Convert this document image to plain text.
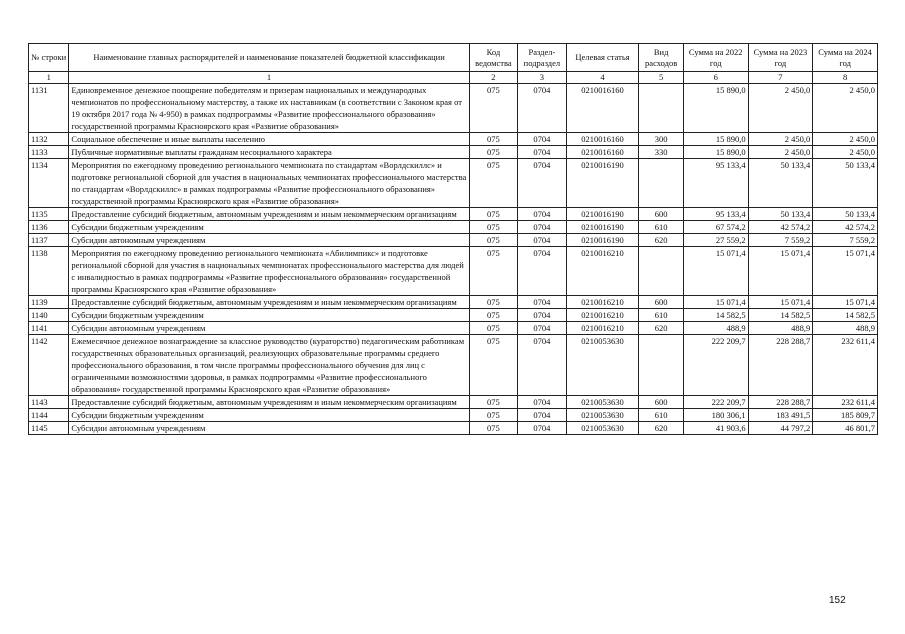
№ строки	Наименование главных распорядителей и наименование показателей бюджетной классификации	Код ведомства	Раздел-подраздел	Целевая статья	Вид расходов	Сумма на 2022 год	Сумма на 2023 год	Сумма на 2024 год
1	1	2	3	4	5	6	7	8
1131	Единовременное денежное поощрение победителям и призерам национальных и международных чемпионатов по профессиональному мастерству, а также их наставникам (в соответствии с Законом края от 19 октября 2017 года № 4-950) в рамках подпрограммы «Развитие профессионального образования» государственной программы Красноярского края «Развитие образования»	075	0704	0210016160		15 890,0	2 450,0	2 450,0
1132	Социальное обеспечение и иные выплаты населению	075	0704	0210016160	300	15 890,0	2 450,0	2 450,0
1133	Публичные нормативные выплаты гражданам несоциального характера	075	0704	0210016160	330	15 890,0	2 450,0	2 450,0
1134	Мероприятия по ежегодному проведению регионального чемпионата по стандартам «Ворлдскиллс» и подготовке региональной сборной для участия в национальных чемпионатах профессионального мастерства по стандартам «Ворлдскиллс» в рамках подпрограммы «Развитие профессионального образования» государственной программы Красноярского края «Развитие образования»	075	0704	0210016190		95 133,4	50 133,4	50 133,4
1135	Предоставление субсидий бюджетным, автономным учреждениям и иным некоммерческим организациям	075	0704	0210016190	600	95 133,4	50 133,4	50 133,4
1136	Субсидии бюджетным учреждениям	075	0704	0210016190	610	67 574,2	42 574,2	42 574,2
1137	Субсидии автономным учреждениям	075	0704	0210016190	620	27 559,2	7 559,2	7 559,2
1138	Мероприятия по ежегодному проведению регионального чемпионата «Абилимпикс» и подготовке региональной сборной для участия в национальных чемпионатах профессионального мастерства для людей с инвалидностью в рамках подпрограммы «Развитие профессионального образования» государственной программы Красноярского края «Развитие образования»	075	0704	0210016210		15 071,4	15 071,4	15 071,4
1139	Предоставление субсидий бюджетным, автономным учреждениям и иным некоммерческим организациям	075	0704	0210016210	600	15 071,4	15 071,4	15 071,4
1140	Субсидии бюджетным учреждениям	075	0704	0210016210	610	14 582,5	14 582,5	14 582,5
1141	Субсидии автономным учреждениям	075	0704	0210016210	620	488,9	488,9	488,9
1142	Ежемесячное денежное вознаграждение за классное руководство (кураторство) педагогическим работникам государственных образовательных организаций, реализующих образовательные программы среднего профессионального образования, в том числе программы профессионального обучения для лиц с ограниченными возможностями здоровья, в рамках подпрограммы «Развитие профессионального образования» государственной программы Красноярского края «Развитие образования»	075	0704	0210053630		222 209,7	228 288,7	232 611,4
1143	Предоставление субсидий бюджетным, автономным учреждениям и иным некоммерческим организациям	075	0704	0210053630	600	222 209,7	228 288,7	232 611,4
1144	Субсидии бюджетным учреждениям	075	0704	0210053630	610	180 306,1	183 491,5	185 809,7
1145	Субсидии автономным учреждениям	075	0704	0210053630	620	41 903,6	44 797,2	46 801,7
152
